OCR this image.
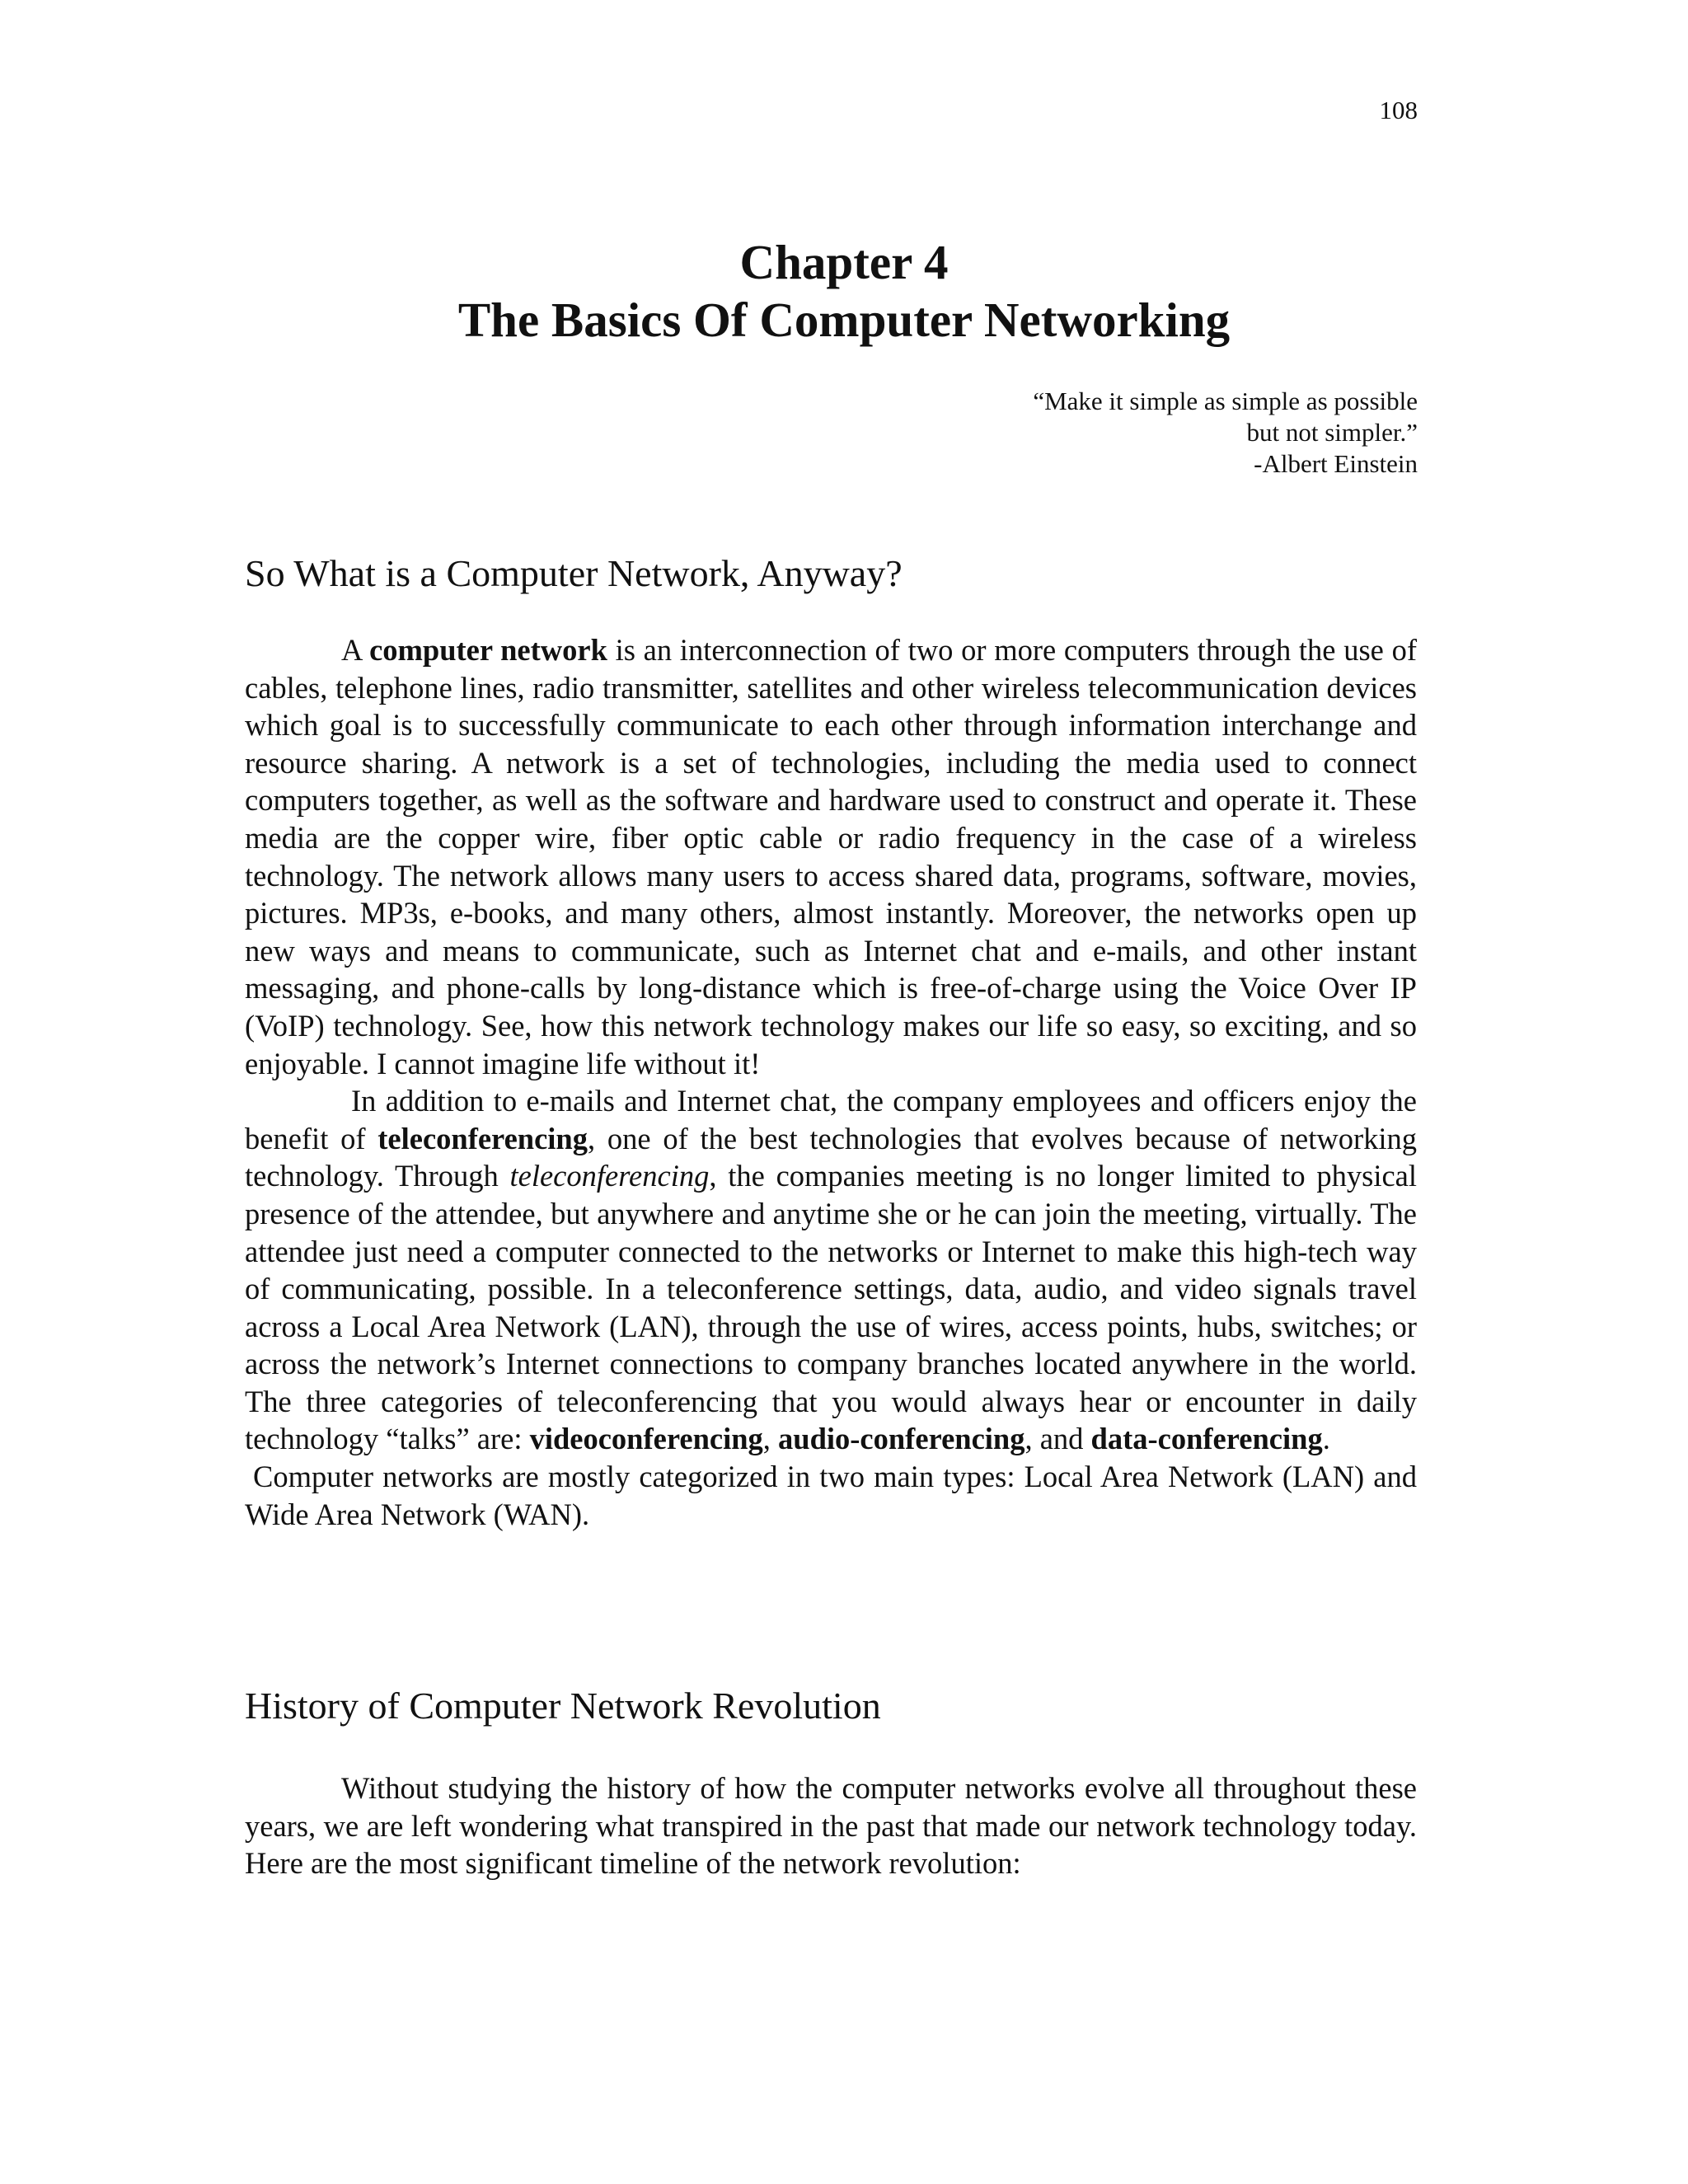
108
Chapter 4
The Basics Of Computer Networking
“Make it simple as simple as possible
but not simpler.”
-Albert Einstein
So What is a Computer Network, Anyway?

A computer network is an interconnection of two or more computers through the use of cables, telephone lines, radio transmitter, satellites and other wireless telecommunication devices which goal is to successfully communicate to each other through information interchange and resource sharing. A network is a set of technologies, including the media used to connect computers together, as well as the software and hardware used to construct and operate it. These media are the copper wire, fiber optic cable or radio frequency in the case of a wireless technology. The network allows many users to access shared data, programs, software, movies, pictures. MP3s, e-books, and many others, almost instantly. Moreover, the networks open up new ways and means to communicate, such as Internet chat and e-mails, and other instant messaging, and phone-calls by long-distance which is free-of-charge using the Voice Over IP (VoIP) technology. See, how this network technology makes our life so easy, so exciting, and so enjoyable. I cannot imagine life without it!

In addition to e-mails and Internet chat, the company employees and officers enjoy the benefit of teleconferencing, one of the best technologies that evolves because of networking technology. Through teleconferencing, the companies meeting is no longer limited to physical presence of the attendee, but anywhere and anytime she or he can join the meeting, virtually. The attendee just need a computer connected to the networks or Internet to make this high-tech way of communicating, possible. In a teleconference settings, data, audio, and video signals travel across a Local Area Network (LAN), through the use of wires, access points, hubs, switches; or across the network’s Internet connections to company branches located anywhere in the world. The three categories of teleconferencing that you would always hear or encounter in daily technology “talks” are: videoconferencing, audio-conferencing, and data-conferencing.

Computer networks are mostly categorized in two main types: Local Area Network (LAN) and Wide Area Network (WAN).

History of Computer Network Revolution

Without studying the history of how the computer networks evolve all throughout these years, we are left wondering what transpired in the past that made our network technology today. Here are the most significant timeline of the network revolution:
